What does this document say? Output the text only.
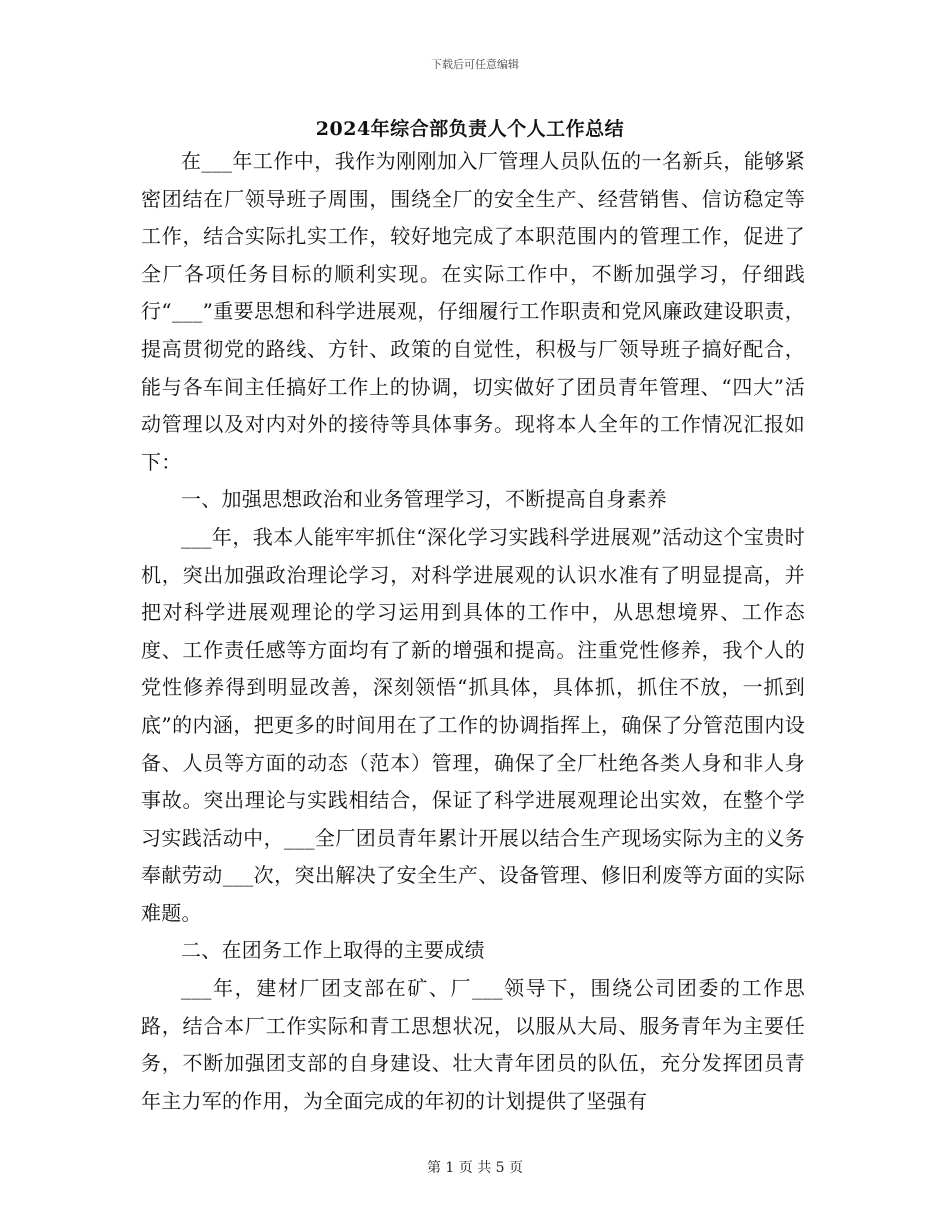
下载后可任意编辑
2024年综合部负责人个人工作总结

在___年工作中，我作为刚刚加入厂管理人员队伍的一名新兵，能够紧密团结在厂领导班子周围，围绕全厂的安全生产、经营销售、信访稳定等工作，结合实际扎实工作，较好地完成了本职范围内的管理工作，促进了全厂各项任务目标的顺利实现。在实际工作中，不断加强学习，仔细践行“___”重要思想和科学进展观，仔细履行工作职责和党风廉政建设职责，提高贯彻党的路线、方针、政策的自觉性，积极与厂领导班子搞好配合，能与各车间主任搞好工作上的协调，切实做好了团员青年管理、“四大”活动管理以及对内对外的接待等具体事务。现将本人全年的工作情况汇报如下：

一、加强思想政治和业务管理学习，不断提高自身素养

___年，我本人能牢牢抓住“深化学习实践科学进展观”活动这个宝贵时机，突出加强政治理论学习，对科学进展观的认识水准有了明显提高，并把对科学进展观理论的学习运用到具体的工作中，从思想境界、工作态度、工作责任感等方面均有了新的增强和提高。注重党性修养，我个人的党性修养得到明显改善，深刻领悟“抓具体，具体抓，抓住不放，一抓到底”的内涵，把更多的时间用在了工作的协调指挥上，确保了分管范围内设备、人员等方面的动态（范本）管理，确保了全厂杜绝各类人身和非人身事故。突出理论与实践相结合，保证了科学进展观理论出实效，在整个学习实践活动中，___全厂团员青年累计开展以结合生产现场实际为主的义务奉献劳动___次，突出解决了安全生产、设备管理、修旧利废等方面的实际难题。

二、在团务工作上取得的主要成绩

___年，建材厂团支部在矿、厂___领导下，围绕公司团委的工作思路，结合本厂工作实际和青工思想状况，以服从大局、服务青年为主要任务，不断加强团支部的自身建设、壮大青年团员的队伍，充分发挥团员青年主力军的作用，为全面完成的年初的计划提供了坚强有

第 1 页 共 5 页
